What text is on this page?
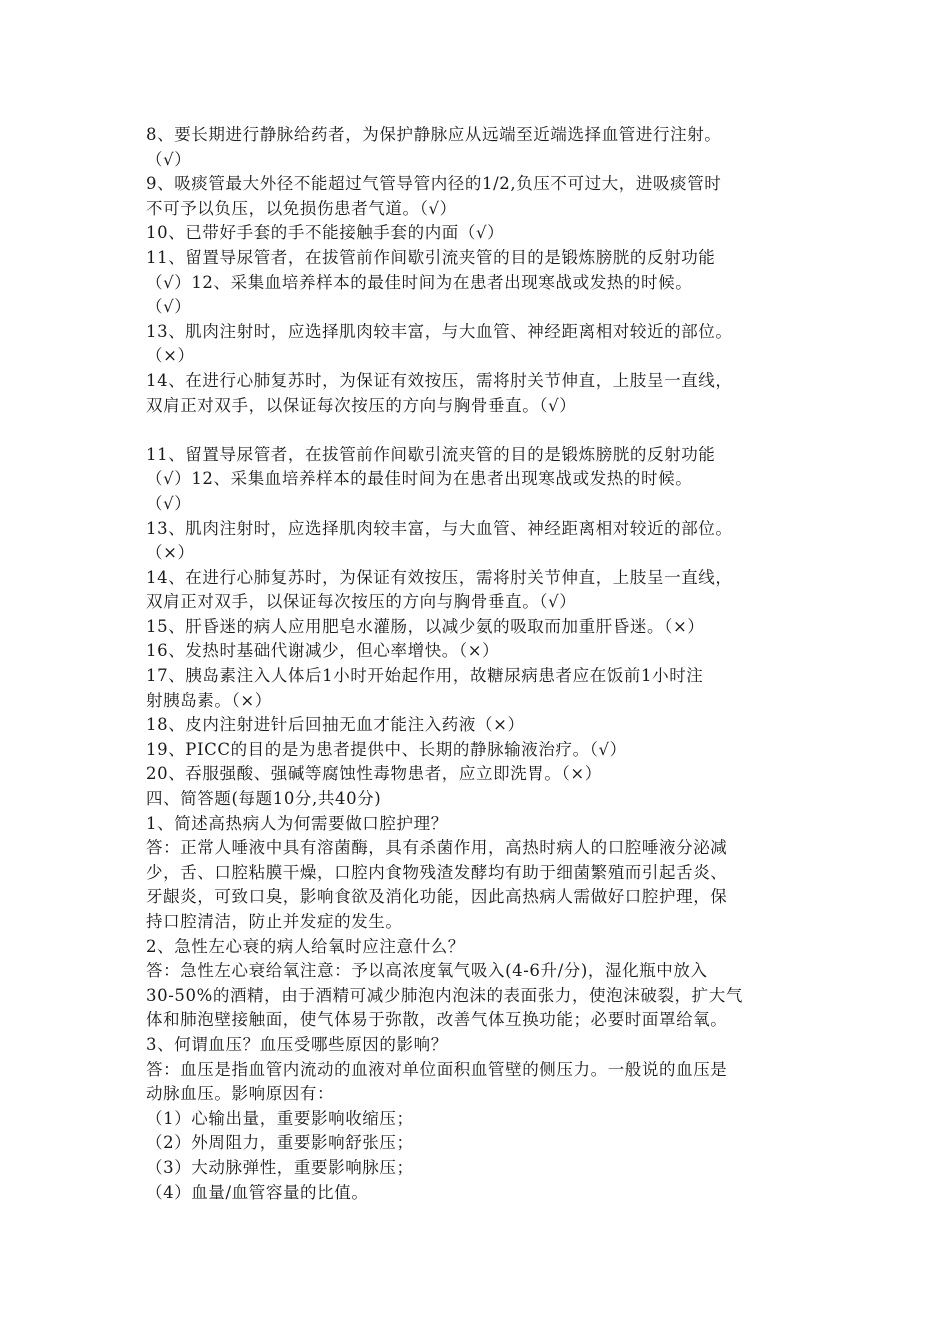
8、要长期进行静脉给药者，为保护静脉应从远端至近端选择血管进行注射。
（√）
9、吸痰管最大外径不能超过气管导管内径的1/2,负压不可过大，进吸痰管时
不可予以负压，以免损伤患者气道。（√）
10、已带好手套的手不能接触手套的内面（√）
11、留置导尿管者，在拔管前作间歇引流夹管的目的是锻炼膀胱的反射功能
（√）12、采集血培养样本的最佳时间为在患者出现寒战或发热的时候。
（√）
13、肌肉注射时，应选择肌肉较丰富，与大血管、神经距离相对较近的部位。
（×）
14、在进行心肺复苏时，为保证有效按压，需将肘关节伸直，上肢呈一直线，
双肩正对双手，以保证每次按压的方向与胸骨垂直。（√）
11、留置导尿管者，在拔管前作间歇引流夹管的目的是锻炼膀胱的反射功能
（√）12、采集血培养样本的最佳时间为在患者出现寒战或发热的时候。
（√）
13、肌肉注射时，应选择肌肉较丰富，与大血管、神经距离相对较近的部位。
（×）
14、在进行心肺复苏时，为保证有效按压，需将肘关节伸直，上肢呈一直线，
双肩正对双手，以保证每次按压的方向与胸骨垂直。（√）
15、肝昏迷的病人应用肥皂水灌肠，以减少氨的吸取而加重肝昏迷。（×）
16、发热时基础代谢减少，但心率增快。（×）
17、胰岛素注入人体后1小时开始起作用，故糖尿病患者应在饭前1小时注
射胰岛素。（×）
18、皮内注射进针后回抽无血才能注入药液（×）
19、PICC的目的是为患者提供中、长期的静脉输液治疗。（√）
20、吞服强酸、强碱等腐蚀性毒物患者，应立即洗胃。（×）
四、简答题(每题10分,共40分)
1、简述高热病人为何需要做口腔护理？
答：正常人唾液中具有溶菌酶，具有杀菌作用，高热时病人的口腔唾液分泌减
少，舌、口腔粘膜干燥，口腔内食物残渣发酵均有助于细菌繁殖而引起舌炎、
牙龈炎，可致口臭，影响食欲及消化功能，因此高热病人需做好口腔护理，保
持口腔清洁，防止并发症的发生。
2、急性左心衰的病人给氧时应注意什么？
答：急性左心衰给氧注意：予以高浓度氧气吸入(4-6升/分)，湿化瓶中放入
30-50%的酒精，由于酒精可减少肺泡内泡沫的表面张力，使泡沫破裂，扩大气
体和肺泡壁接触面，使气体易于弥散，改善气体互换功能；必要时面罩给氧。
3、何谓血压？血压受哪些原因的影响？
答：血压是指血管内流动的血液对单位面积血管壁的侧压力。一般说的血压是
动脉血压。影响原因有：
（1）心输出量，重要影响收缩压；
（2）外周阻力，重要影响舒张压；
（3）大动脉弹性，重要影响脉压；
（4）血量/血管容量的比值。
